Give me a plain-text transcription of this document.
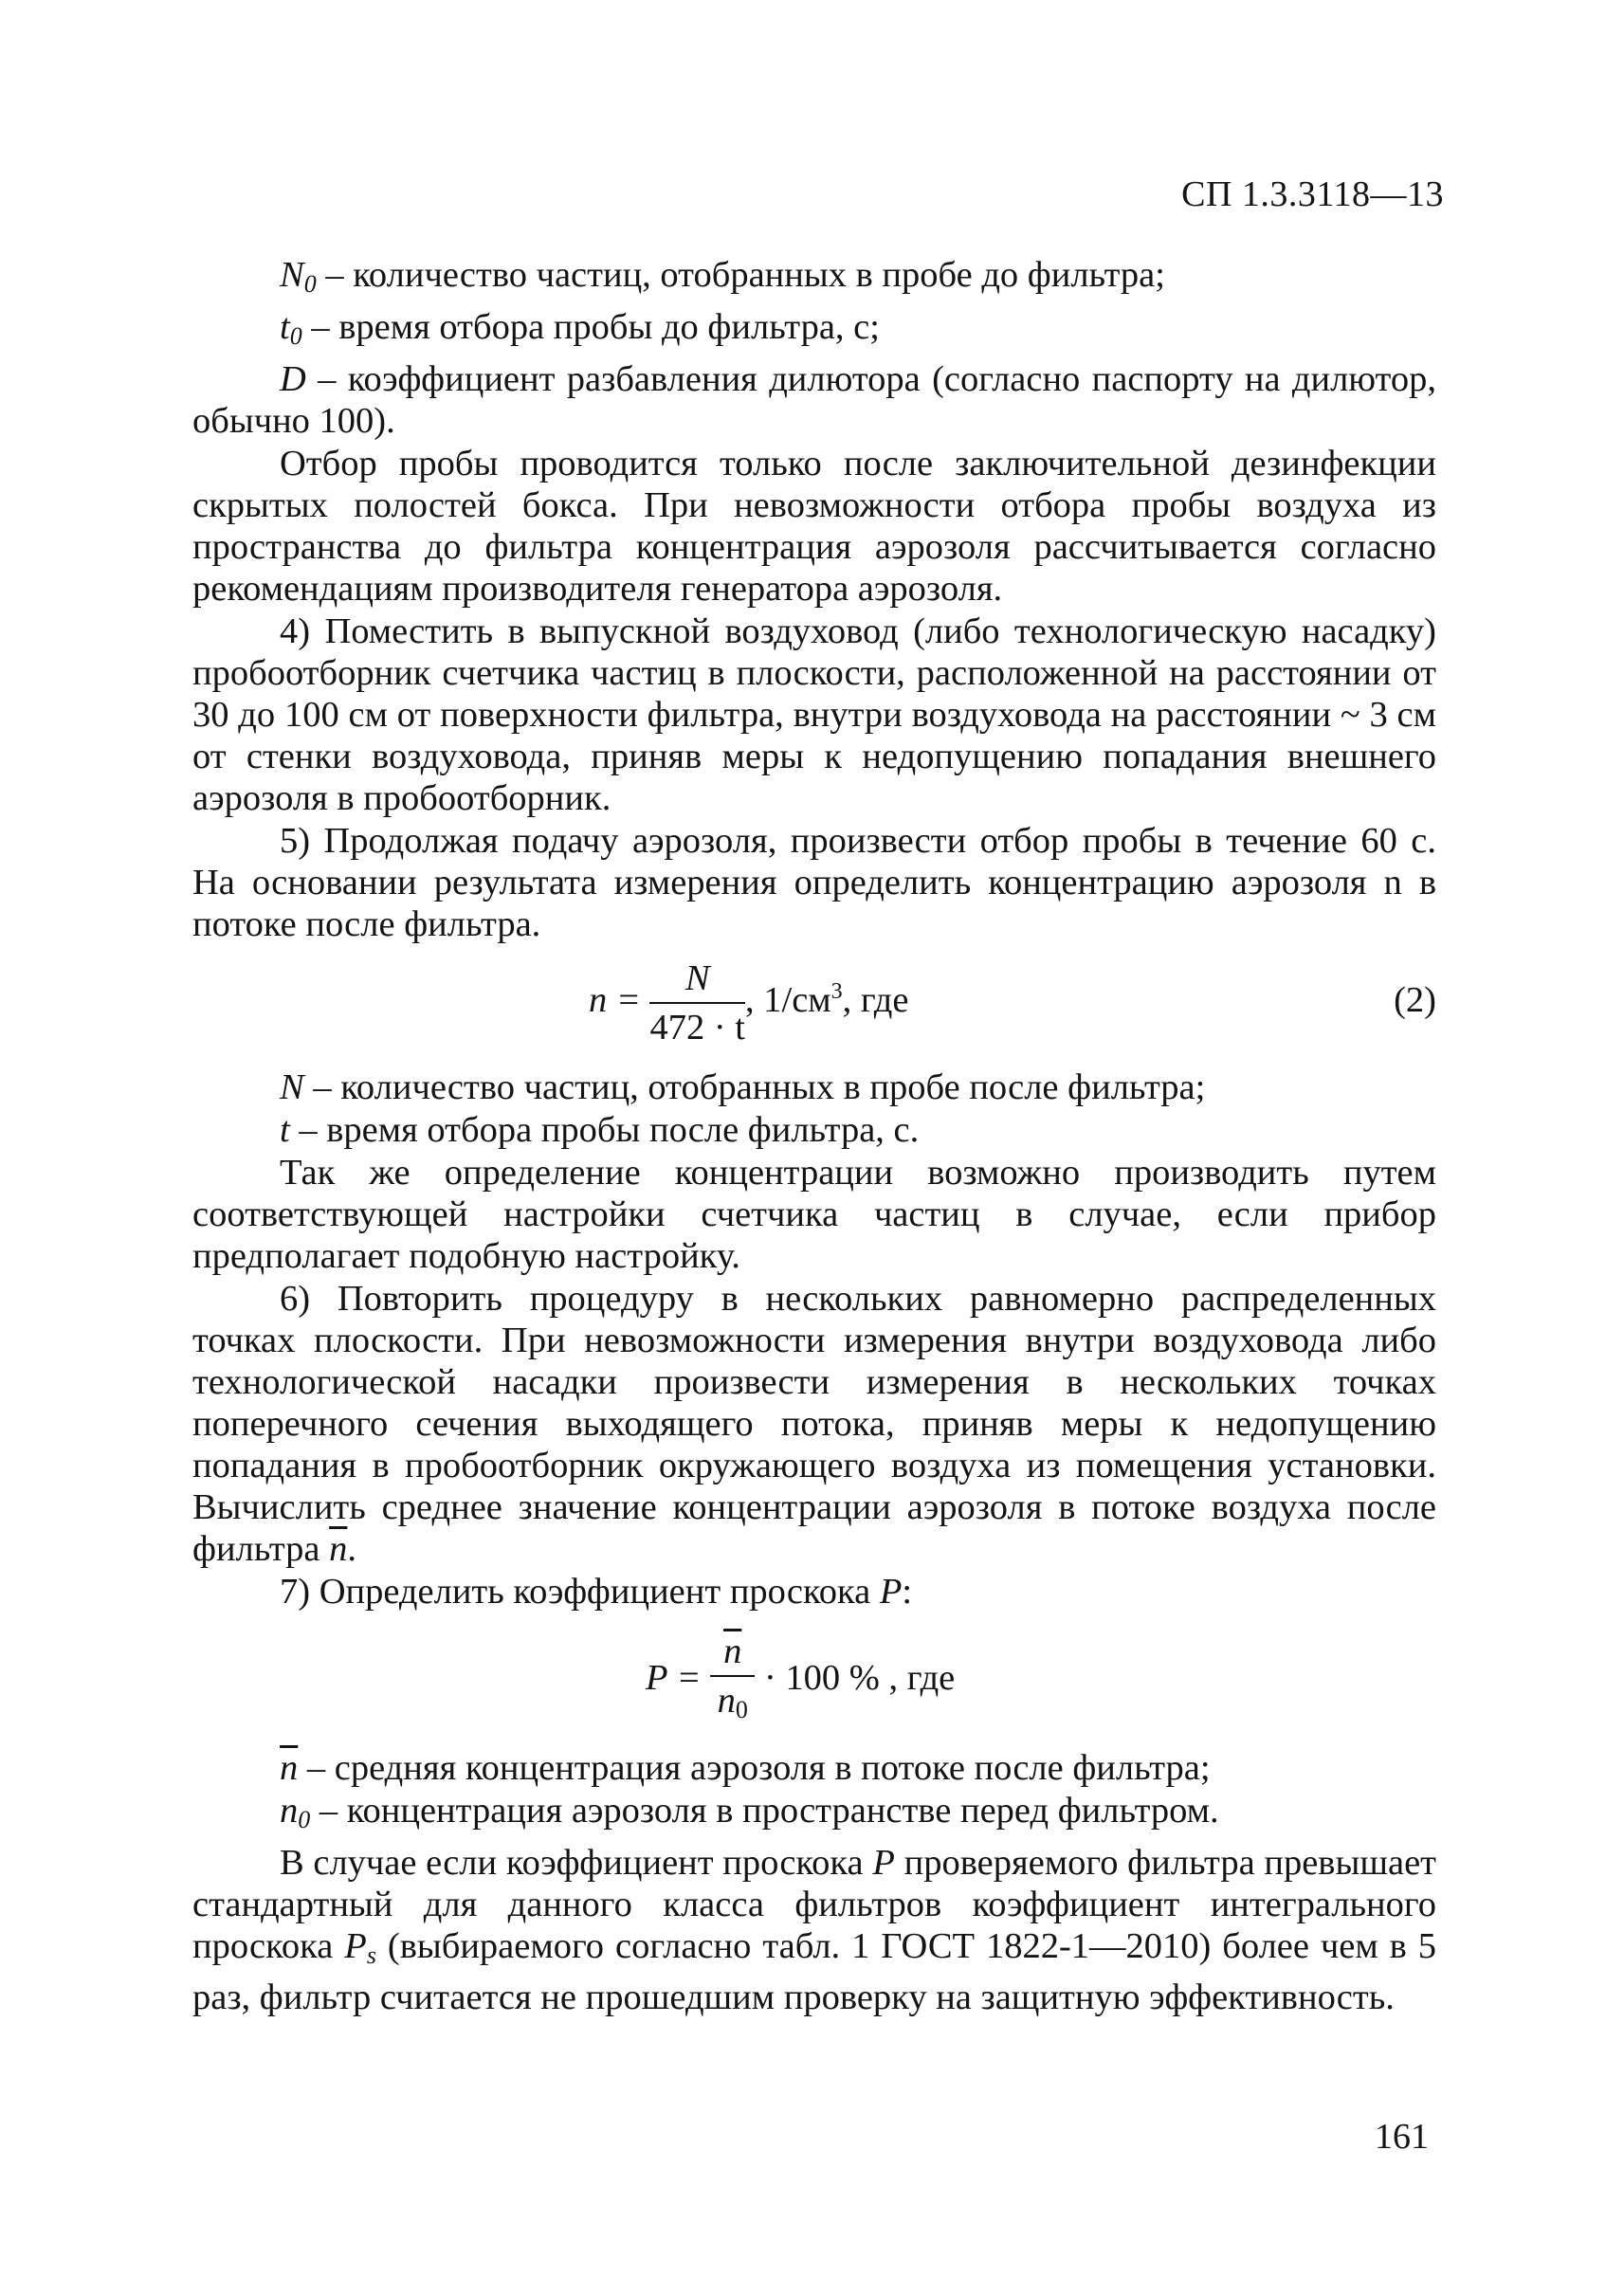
СП 1.3.3118—13

N0 – количество частиц, отобранных в пробе до фильтра;

t0 – время отбора пробы до фильтра, с;

D – коэффициент разбавления дилютора (согласно паспорту на дилютор, обычно 100).

Отбор пробы проводится только после заключительной дезинфекции скрытых полостей бокса. При невозможности отбора пробы воздуха из пространства до фильтра концентрация аэрозоля рассчитывается согласно рекомендациям производителя генератора аэрозоля.

4) Поместить в выпускной воздуховод (либо технологическую насадку) пробоотборник счетчика частиц в плоскости, расположенной на расстоянии от 30 до 100 см от поверхности фильтра, внутри воздуховода на расстоянии ~ 3 см от стенки воздуховода, приняв меры к недопущению попадания внешнего аэрозоля в пробоотборник.

5) Продолжая подачу аэрозоля, произвести отбор пробы в течение 60 с. На основании результата измерения определить концентрацию аэрозоля n в потоке после фильтра.

$n = \frac{N}{472 \cdot t}$ , $1/см^3$, где	(2)

N – количество частиц, отобранных в пробе после фильтра;

t – время отбора пробы после фильтра, с.

Так же определение концентрации возможно производить путем соответствующей настройки счетчика частиц в случае, если прибор предполагает подобную настройку.

6) Повторить процедуру в нескольких равномерно распределенных точках плоскости. При невозможности измерения внутри воздуховода либо технологической насадки произвести измерения в нескольких точках поперечного сечения выходящего потока, приняв меры к недопущению попадания в пробоотборник окружающего воздуха из помещения установки. Вычислить среднее значение концентрации аэрозоля в потоке воздуха после фильтра $\overline{n}$.

7) Определить коэффициент проскока P:

$P = \frac{\overline{n}}{n0} \cdot 100$ % , где

$\overline{n}$ – средняя концентрация аэрозоля в потоке после фильтра;

n0 – концентрация аэрозоля в пространстве перед фильтром.

В случае если коэффициент проскока P проверяемого фильтра превышает стандартный для данного класса фильтров коэффициент интегрального проскока Ps (выбираемого согласно табл. 1 ГОСТ 1822-1—2010) более чем в 5 раз, фильтр считается не прошедшим проверку на защитную эффективность.

161
